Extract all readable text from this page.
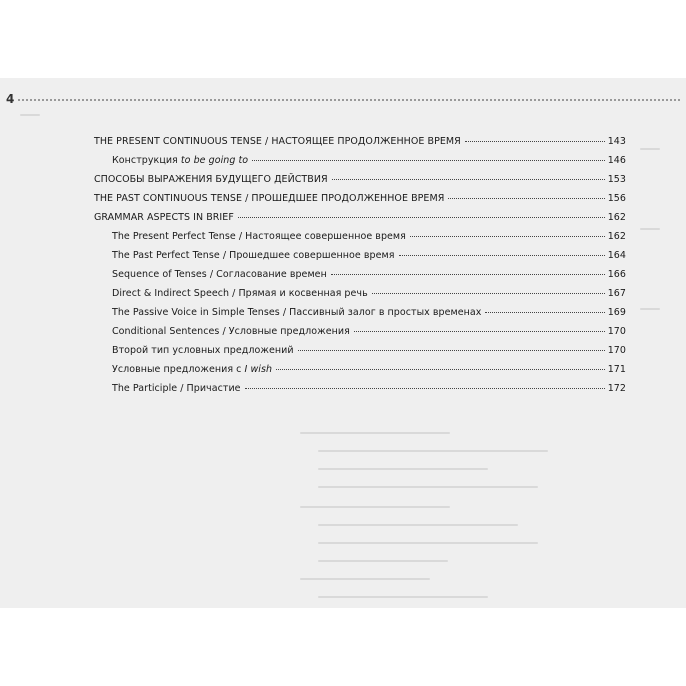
4
THE PRESENT CONTINUOUS TENSE / НАСТОЯЩЕЕ ПРОДОЛЖЕННОЕ ВРЕМЯ	143
Конструкция to be going to	146
СПОСОБЫ ВЫРАЖЕНИЯ БУДУЩЕГО ДЕЙСТВИЯ	153
THE PAST CONTINUOUS TENSE / ПРОШЕДШЕЕ ПРОДОЛЖЕННОЕ ВРЕМЯ	156
GRAMMAR ASPECTS IN BRIEF	162
The Present Perfect Tense / Настоящее совершенное время	162
The Past Perfect Tense / Прошедшее совершенное время	164
Sequence of Tenses / Согласование времен	166
Direct & Indirect Speech / Прямая и косвенная речь	167
The Passive Voice in Simple Tenses / Пассивный залог в простых временах	169
Conditional Sentences / Условные предложения	170
Второй тип условных предложений	170
Условные предложения с I wish	171
The Participle / Причастие	172
